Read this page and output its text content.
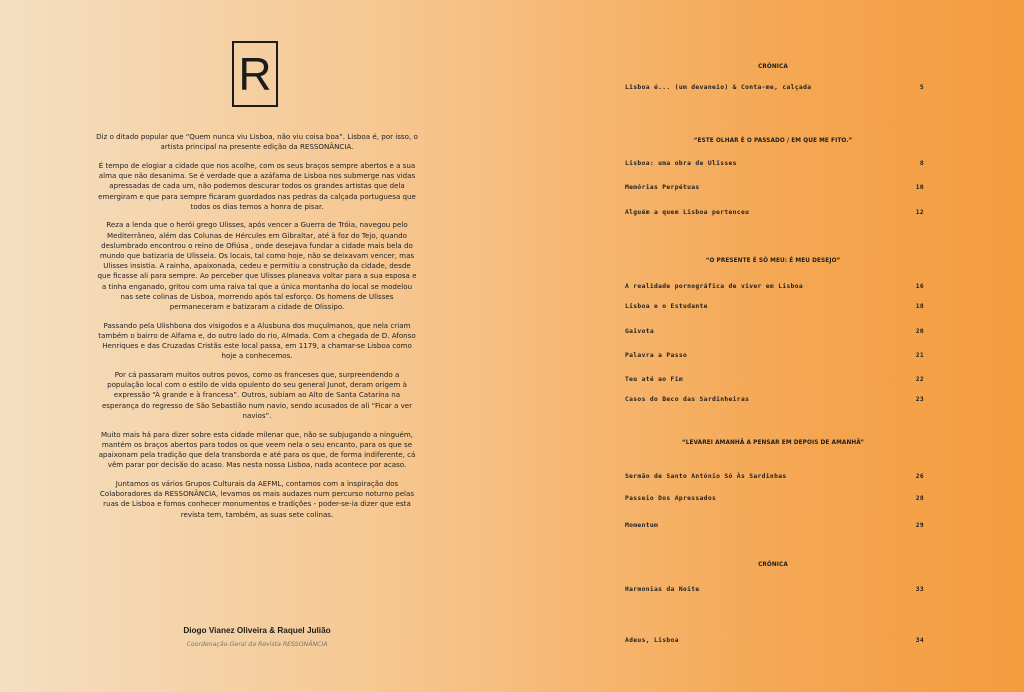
R

Diz o ditado popular que “Quem nunca viu Lisboa, não viu coisa boa”. Lisboa é, por isso, o artista principal na presente edição da RESSONÂNCIA.

É tempo de elogiar a cidade que nos acolhe, com os seus braços sempre abertos e a sua alma que não desanima. Se é verdade que a azáfama de Lisboa nos submerge nas vidas apressadas de cada um, não podemos descurar todos os grandes artistas que dela emergiram e que para sempre ficaram guardados nas pedras da calçada portuguesa que todos os dias temos a honra de pisar.

Reza a lenda que o herói grego Ulisses, após vencer a Guerra de Tróia, navegou pelo Mediterrâneo, além das Colunas de Hércules em Gibraltar, até à foz do Tejo, quando deslumbrado encontrou o reino de Ofiúsa , onde desejava fundar a cidade mais bela do mundo que batizaria de Ulisseia. Os locais, tal como hoje, não se deixavam vencer, mas Ulisses insistia. A rainha, apaixonada, cedeu e permitiu a construção da cidade, desde que ficasse ali para sempre. Ao perceber que Ulisses planeava voltar para a sua esposa e a tinha enganado, gritou com uma raiva tal que a única montanha do local se modelou nas sete colinas de Lisboa, morrendo após tal esforço. Os homens de Ulisses permaneceram e batizaram a cidade de Olissipo.

Passando pela Ulishbona dos visigodos e a Alusbuna dos muçulmanos, que nela criam também o bairro de Alfama e, do outro lado do rio, Almada. Com a chegada de D. Afonso Henriques e das Cruzadas Cristãs este local passa, em 1179, a chamar-se Lisboa como hoje a conhecemos.

Por cá passaram muitos outros povos, como os franceses que, surpreendendo a população local com o estilo de vida opulento do seu general Junot, deram origem à expressão “À grande e à francesa”. Outros, subiam ao Alto de Santa Catarina na esperança do regresso de São Sebastião num navio, sendo acusados de ali “Ficar a ver navios”.

Muito mais há para dizer sobre esta cidade milenar que, não se subjugando a ninguém, mantém os braços abertos para todos os que veem nela o seu encanto, para os que se apaixonam pela tradição que dela transborda e até para os que, de forma indiferente, cá vêm parar por decisão do acaso. Mas nesta nossa Lisboa, nada acontece por acaso.

Juntamos os vários Grupos Culturais da AEFML, contamos com a inspiração dos Colaboradores da RESSONÂNCIA, levamos os mais audazes num percurso noturno pelas ruas de Lisboa e fomos conhecer monumentos e tradições - poder-se-ia dizer que esta revista tem, também, as suas sete colinas.

Diogo Vianez Oliveira & Raquel Julião
Coordenação-Geral da Revista RESSONÂNCIA
CRÓNICA
Lisboa é... (um devaneio) & Conta-me, calçada	5
“ESTE OLHAR É O PASSADO / EM QUE ME FITO.”
Lisboa: uma obra de Ulisses	8
Memórias Perpétuas	10
Alguém a quem Lisboa pertenceu	12
“O PRESENTE É SÓ MEU: É MEU DESEJO”
A realidade pornográfica de viver em Lisboa	16
Lisboa e o Estudante	18
Gaivota	20
Palavra a Passo	21
Teu até ao Fim	22
Casos do Beco das Sardinheiras	23
“LEVAREI AMANHÃ A PENSAR EM DEPOIS DE AMANHÃ”
Sermão de Santo António Só Às Sardinhas	26
Passeio Dos Apressados	28
Momentum	29
CRÓNICA
Harmonias da Noite	33
Adeus, Lisboa	34
